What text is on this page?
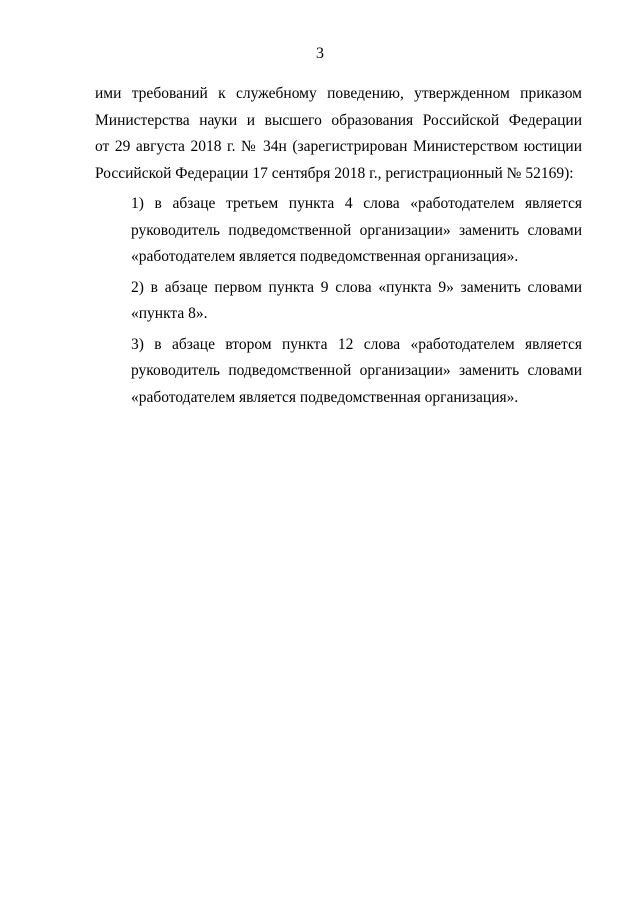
3

ими требований к служебному поведению, утвержденном приказом
Министерства науки и высшего образования Российской Федерации
от 29 августа 2018 г. № 34н (зарегистрирован Министерством юстиции
Российской Федерации 17 сентября 2018 г., регистрационный № 52169):

1) в абзаце третьем пункта 4 слова «работодателем является
руководитель подведомственной организации» заменить словами
«работодателем является подведомственная организация».

2) в абзаце первом пункта 9 слова «пункта 9» заменить словами
«пункта 8».

3) в абзаце втором пункта 12 слова «работодателем является
руководитель подведомственной организации» заменить словами
«работодателем является подведомственная организация».
